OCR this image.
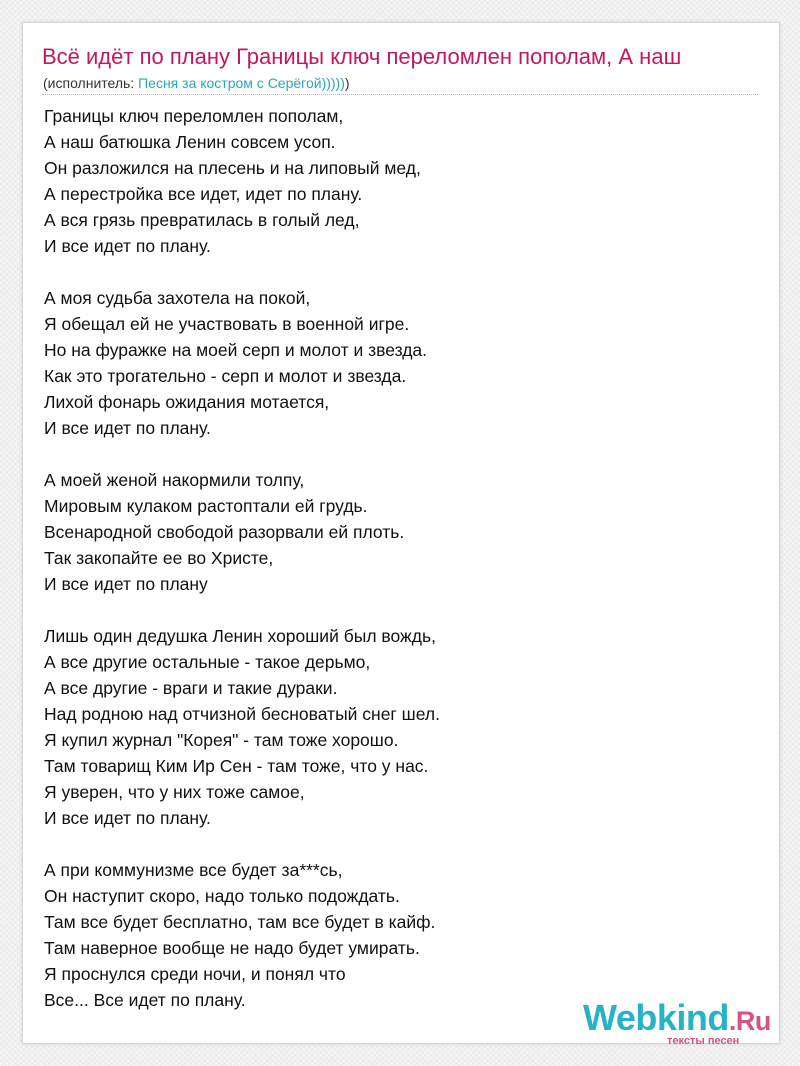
Всё идёт по плану Границы ключ переломлен пополам, А наш
(исполнитель: Песня за костром с Серёгой))))))
Границы ключ переломлен пополам,
А наш батюшка Ленин совсем усоп.
Он разложился на плесень и на липовый мед,
А перестройка все идет, идет по плану.
А вся грязь превратилась в голый лед,
И все идет по плану.
А моя судьба захотела на покой,
Я обещал ей не участвовать в военной игре.
Но на фуражке на моей серп и молот и звезда.
Как это трогательно - серп и молот и звезда.
Лихой фонарь ожидания мотается,
И все идет по плану.
А моей женой накормили толпу,
Мировым кулаком растоптали ей грудь.
Всенародной свободой разорвали ей плоть.
Так закопайте ее во Христе,
И все идет по плану
Лишь один дедушка Ленин хороший был вождь,
А все другие остальные - такое дерьмо,
А все другие - враги и такие дураки.
Над родною над отчизной бесноватый снег шел.
Я купил журнал "Корея" - там тоже хорошо.
Там товарищ Ким Ир Сен - там тоже, что у нас.
Я уверен, что у них тоже самое,
И все идет по плану.
А при коммунизме все будет за***сь,
Он наступит скоро, надо только подождать.
Там все будет бесплатно, там все будет в кайф.
Там наверное вообще не надо будет умирать.
Я проснулся среди ночи, и понял что
Все... Все идет по плану.	Webkind.Ru
тексты песен
